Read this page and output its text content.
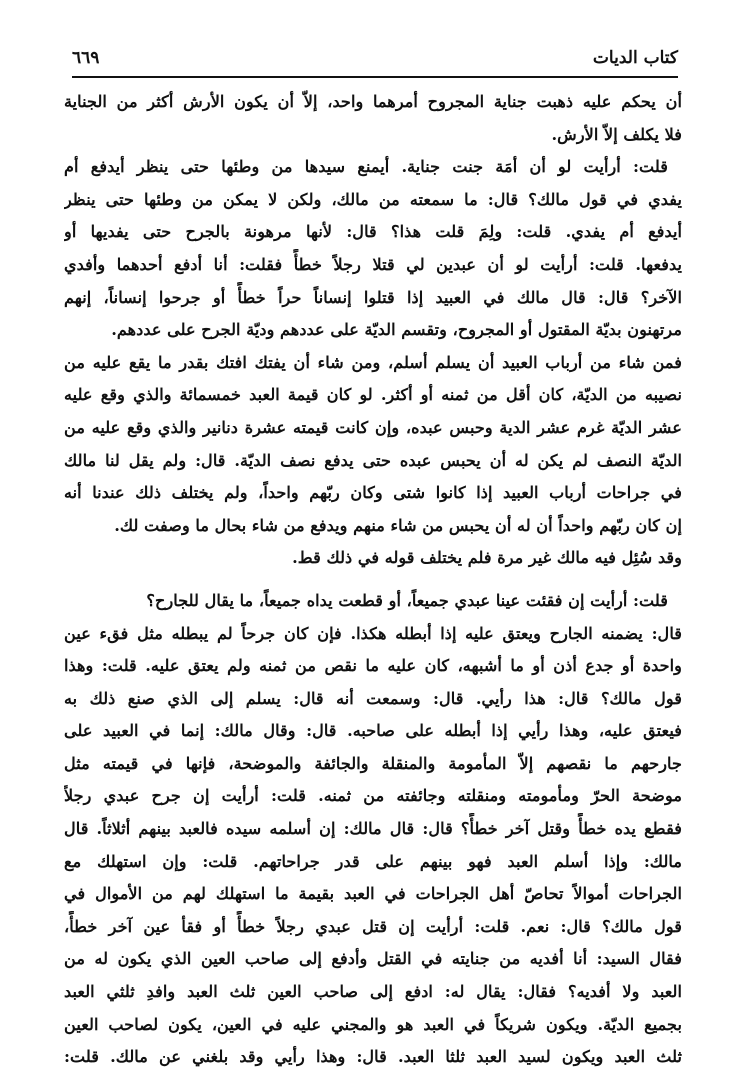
كتاب الديات
٦٦٩
أن يحكم عليه ذهبت جناية المجروح أمرهما واحد، إلاّ أن يكون الأرش أكثر من الجناية
فلا يكلف إلاّ الأرش.
قلت: أرأيت لو أن أمَة جنت جناية. أيمنع سيدها من وطئها حتى ينظر أيدفع أم
يفدي في قول مالك؟ قال: ما سمعته من مالك، ولكن لا يمكن من وطئها حتى ينظر
أيدفع أم يفدي. قلت: ولِمَ قلت هذا؟ قال: لأنها مرهونة بالجرح حتى يفديها أو
يدفعها. قلت: أرأيت لو أن عبدين لي قتلا رجلاً خطأً فقلت: أنا أدفع أحدهما وأفدي
الآخر؟ قال: قال مالك في العبيد إذا قتلوا إنساناً حراً خطأً أو جرحوا إنساناً، إنهم
مرتهنون بديّة المقتول أو المجروح، وتقسم الديّة على عددهم وديّة الجرح على عددهم.
فمن شاء من أرباب العبيد أن يسلم أسلم، ومن شاء أن يفتك افتك بقدر ما يقع عليه من
نصيبه من الديّة، كان أقل من ثمنه أو أكثر. لو كان قيمة العبد خمسمائة والذي وقع عليه
عشر الديّة غرم عشر الدية وحبس عبده، وإن كانت قيمته عشرة دنانير والذي وقع عليه من
الديّة النصف لم يكن له أن يحبس عبده حتى يدفع نصف الديّة. قال: ولم يقل لنا مالك
في جراحات أرباب العبيد إذا كانوا شتى وكان ربّهم واحداً، ولم يختلف ذلك عندنا أنه
إن كان ربّهم واحداً أن له أن يحبس من شاء منهم ويدفع من شاء بحال ما وصفت لك.
وقد سُئِل فيه مالك غير مرة فلم يختلف قوله في ذلك قط.
قلت: أرأيت إن فقئت عينا عبدي جميعاً، أو قطعت يداه جميعاً، ما يقال للجارح؟
قال: يضمنه الجارح ويعتق عليه إذا أبطله هكذا. فإن كان جرحاً لم يبطله مثل فقء عين
واحدة أو جدع أذن أو ما أشبهه، كان عليه ما نقص من ثمنه ولم يعتق عليه. قلت: وهذا
قول مالك؟ قال: هذا رأيي. قال: وسمعت أنه قال: يسلم إلى الذي صنع ذلك به
فيعتق عليه، وهذا رأيي إذا أبطله على صاحبه. قال: وقال مالك: إنما في العبيد على
جارحهم ما نقصهم إلاّ المأمومة والمنقلة والجائفة والموضحة، فإنها في قيمته مثل
موضحة الحرّ ومأمومته ومنقلته وجائفته من ثمنه. قلت: أرأيت إن جرح عبدي رجلاً
فقطع يده خطأً وقتل آخر خطأً؟ قال: قال مالك: إن أسلمه سيده فالعبد بينهم أثلاثاً. قال
مالك: وإذا أسلم العبد فهو بينهم على قدر جراحاتهم. قلت: وإن استهلك مع
الجراحات أموالاً تحاصّ أهل الجراحات في العبد بقيمة ما استهلك لهم من الأموال في
قول مالك؟ قال: نعم. قلت: أرأيت إن قتل عبدي رجلاً خطأً أو فقأ عين آخر خطأً،
فقال السيد: أنا أفديه من جنايته في القتل وأدفع إلى صاحب العين الذي يكون له من
العبد ولا أفديه؟ فقال: يقال له: ادفع إلى صاحب العين ثلث العبد وافدِ ثلثي العبد
بجميع الديّة. ويكون شريكاً في العبد هو والمجني عليه في العين، يكون لصاحب العين
ثلث العبد ويكون لسيد العبد ثلثا العبد. قال: وهذا رأيي وقد بلغني عن مالك. قلت:
